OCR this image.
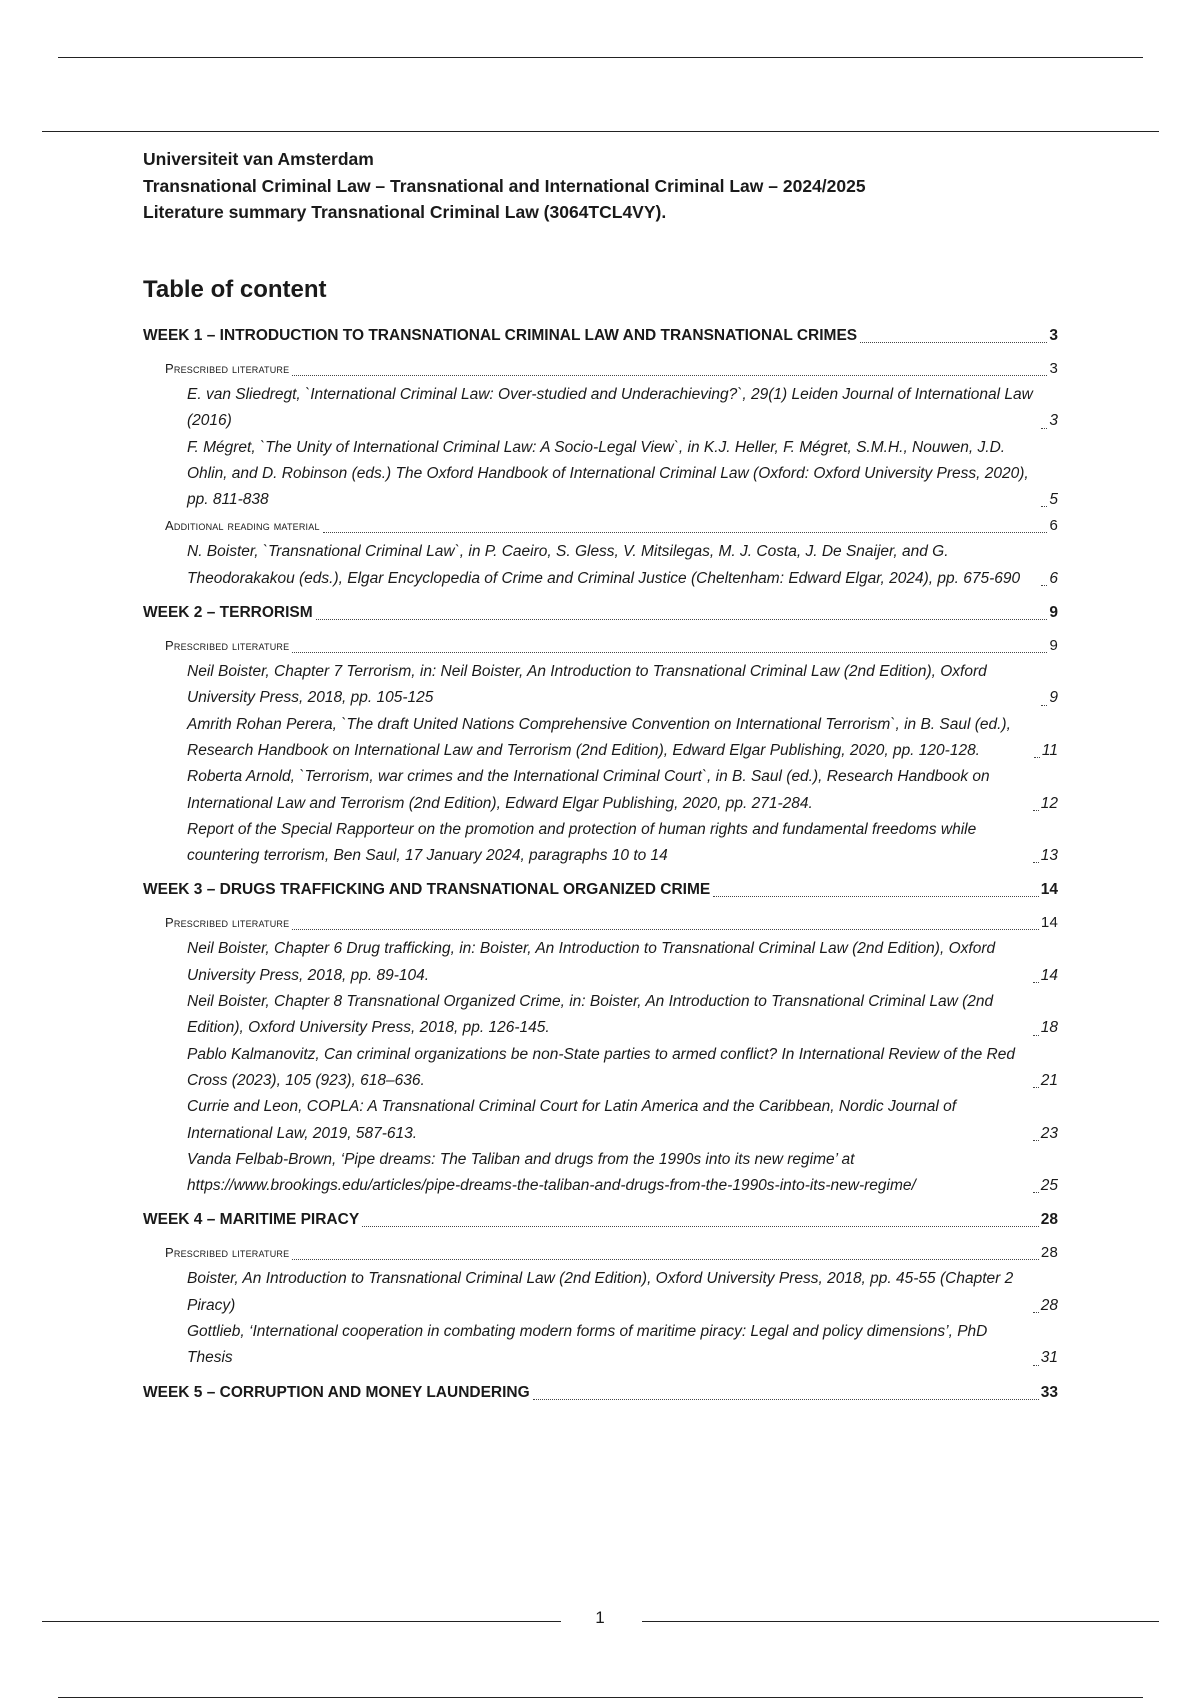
Universiteit van Amsterdam
Transnational Criminal Law – Transnational and International Criminal Law – 2024/2025
Literature summary Transnational Criminal Law (3064TCL4VY).
Table of content
WEEK 1 – INTRODUCTION TO TRANSNATIONAL CRIMINAL LAW AND TRANSNATIONAL CRIMES	3
Prescribed literature	3
E. van Sliedregt, `International Criminal Law: Over-studied and Underachieving?`, 29(1) Leiden Journal of International Law (2016)	3
F. Mégret, `The Unity of International Criminal Law: A Socio-Legal View`, in K.J. Heller, F. Mégret, S.M.H., Nouwen, J.D. Ohlin, and D. Robinson (eds.) The Oxford Handbook of International Criminal Law (Oxford: Oxford University Press, 2020), pp. 811-838	5
Additional reading material	6
N. Boister, `Transnational Criminal Law`, in P. Caeiro, S. Gless, V. Mitsilegas, M. J. Costa, J. De Snaijer, and G. Theodorakakou (eds.), Elgar Encyclopedia of Crime and Criminal Justice (Cheltenham: Edward Elgar, 2024), pp. 675-690	6
WEEK 2 – TERRORISM	9
Prescribed literature	9
Neil Boister, Chapter 7 Terrorism, in: Neil Boister, An Introduction to Transnational Criminal Law (2nd Edition), Oxford University Press, 2018, pp. 105-125	9
Amrith Rohan Perera, `The draft United Nations Comprehensive Convention on International Terrorism`, in B. Saul (ed.), Research Handbook on International Law and Terrorism (2nd Edition), Edward Elgar Publishing, 2020, pp. 120-128.	11
Roberta Arnold, `Terrorism, war crimes and the International Criminal Court`, in B. Saul (ed.), Research Handbook on International Law and Terrorism (2nd Edition), Edward Elgar Publishing, 2020, pp. 271-284.	12
Report of the Special Rapporteur on the promotion and protection of human rights and fundamental freedoms while countering terrorism, Ben Saul, 17 January 2024, paragraphs 10 to 14	13
WEEK 3 – DRUGS TRAFFICKING AND TRANSNATIONAL ORGANIZED CRIME	14
Prescribed literature	14
Neil Boister, Chapter 6 Drug trafficking, in: Boister, An Introduction to Transnational Criminal Law (2nd Edition), Oxford University Press, 2018, pp. 89-104.	14
Neil Boister, Chapter 8 Transnational Organized Crime, in: Boister, An Introduction to Transnational Criminal Law (2nd Edition), Oxford University Press, 2018, pp. 126-145.	18
Pablo Kalmanovitz, Can criminal organizations be non-State parties to armed conflict? In International Review of the Red Cross (2023), 105 (923), 618–636.	21
Currie and Leon, COPLA: A Transnational Criminal Court for Latin America and the Caribbean, Nordic Journal of International Law, 2019, 587-613.	23
Vanda Felbab-Brown, ‘Pipe dreams: The Taliban and drugs from the 1990s into its new regime’ at https://www.brookings.edu/articles/pipe-dreams-the-taliban-and-drugs-from-the-1990s-into-its-new-regime/	25
WEEK 4 – MARITIME PIRACY	28
Prescribed literature	28
Boister, An Introduction to Transnational Criminal Law (2nd Edition), Oxford University Press, 2018, pp. 45-55 (Chapter 2 Piracy)	28
Gottlieb, ‘International cooperation in combating modern forms of maritime piracy: Legal and policy dimensions’, PhD Thesis	31
WEEK 5 – CORRUPTION AND MONEY LAUNDERING	33
1
